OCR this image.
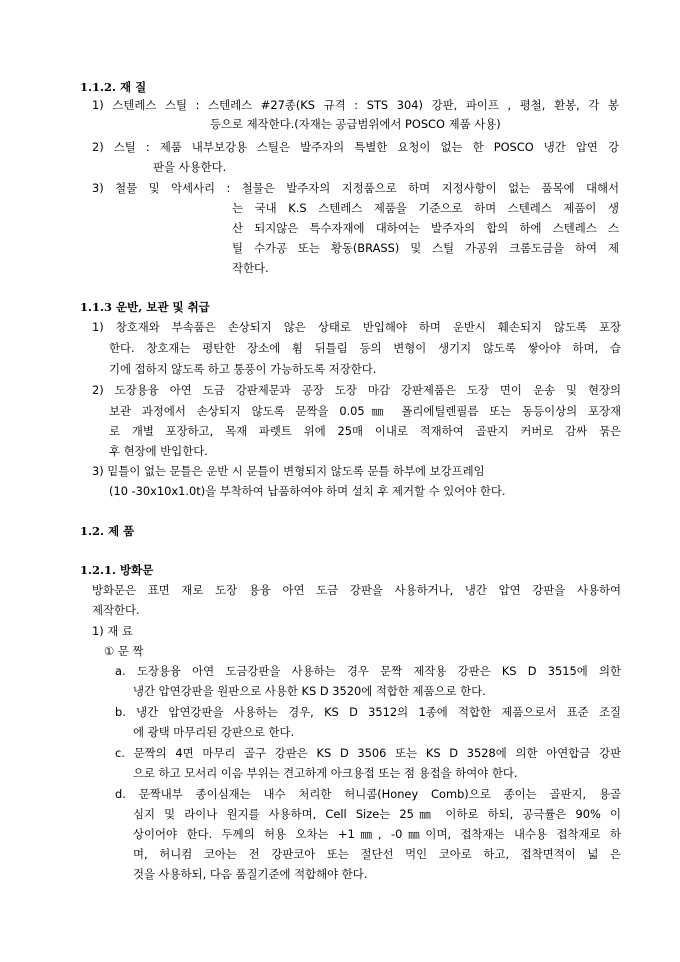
1.1.2. 재 질
1) 스텐레스 스틸 : 스텐레스 #27종(KS 규격 : STS 304) 강판, 파이프 , 평철, 환봉, 각 봉
등으로 제작한다.(자재는 공급범위에서 POSCO 제품 사용)
2) 스틸 : 제품 내부보강용 스틸은 발주자의 특별한 요청이 없는 한 POSCO 냉간 압연 강
판을 사용한다.
3) 철물 및 악세사리 : 철물은 발주자의 지정품으로 하며 지정사항이 없는 품목에 대해서
는 국내 K.S 스텐레스 제품을 기준으로 하며 스텐레스 제품이 생
산 되지않은 특수자재에 대하여는 발주자의 합의 하에 스텐레스 스
틸 수가공 또는 황동(BRASS) 및 스틸 가공위 크롬도금을 하여 제
작한다.
1.1.3 운반, 보관 및 취급
1) 창호재와 부속품은 손상되지 않은 상태로 반입해야 하며 운반시 훼손되지 않도록 포장
한다. 창호재는 평탄한 장소에 휨 뒤틀림 등의 변형이 생기지 않도록 쌓아야 하며, 습
기에 접하지 않도록 하고 통풍이 가능하도록 저장한다.
2) 도장용융 아연 도금 강판제문과 공장 도장 마감 강판제품은 도장 면이 운송 및 현장의
보관 과정에서 손상되지 않도록 문짝을 0.05㎜ 폴리에틸렌필름 또는 동등이상의 포장재
로 개별 포장하고, 목재 파렛트 위에 25매 이내로 적재하여 골판지 커버로 감싸 묶은
후 현장에 반입한다.
3) 밑틀이 없는 문틀은 운반 시 문틀이 변형되지 않도록 문틀 하부에 보강프레임
(10 -30x10x1.0t)을 부착하여 납품하여야 하며 설치 후 제거할 수 있어야 한다.
1.2. 제 품
1.2.1. 방화문
방화문은 표면 재로 도장 용융 아연 도금 강판을 사용하거나, 냉간 압연 강판을 사용하여
제작한다.
1) 재 료
① 문 짝
a. 도장용융 아연 도금강판을 사용하는 경우 문짝 제작용 강판은 KS D 3515에 의한
냉간 압연강판을 원판으로 사용한 KS D 3520에 적합한 제품으로 한다.
b. 냉간 압연강판을 사용하는 경우, KS D 3512의 1종에 적합한 제품으로서 표준 조질
에 광택 마무리된 강판으로 한다.
c. 문짝의 4면 마무리 골구 강판은 KS D 3506 또는 KS D 3528에 의한 아연합금 강판
으로 하고 모서리 이음 부위는 견고하게 아크용접 또는 점 용접을 하여야 한다.
d. 문짝내부 종이심재는 내수 처리한 허니콤(Honey Comb)으로 종이는 골판지, 용골
심지 및 라이나 원지를 사용하며, Cell Size는 25㎜ 이하로 하되, 공극률은 90% 이
상이어야 한다. 두께의 허용 오차는 +1㎜, -0㎜이며, 접착재는 내수용 접착재로 하
며, 허니컴 코아는 전 강판코아 또는 절단선 먹인 코아로 하고, 접착면적이 넓 은
것을 사용하되, 다음 품질기준에 적합해야 한다.
